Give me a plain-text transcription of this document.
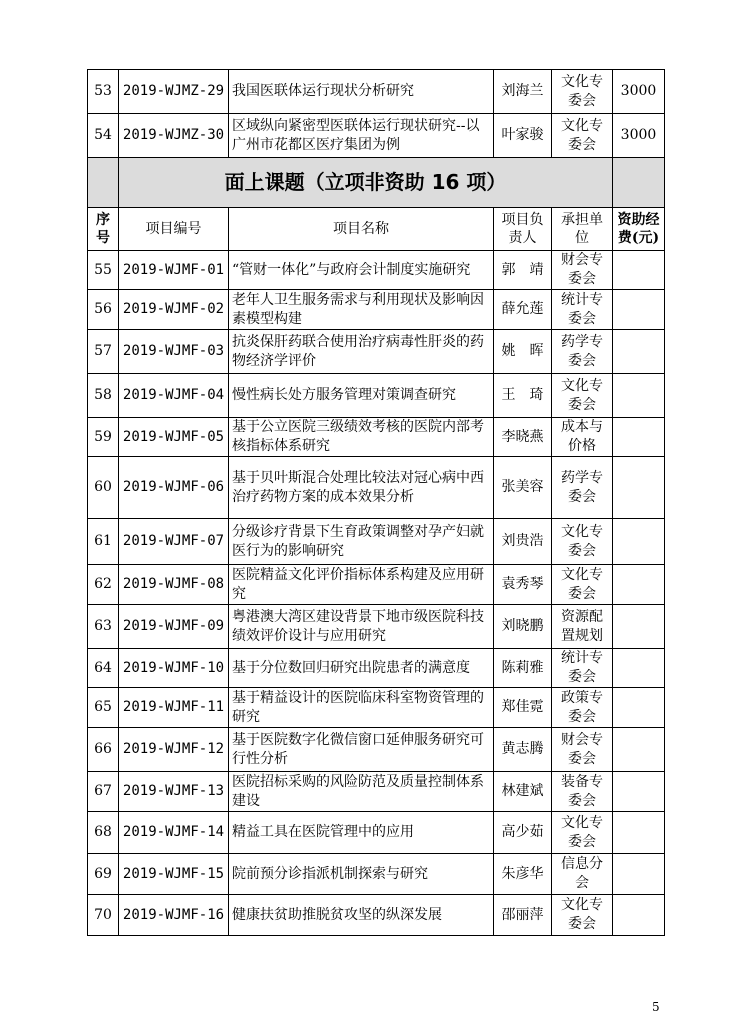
53	2019-WJMZ-29	我国医联体运行现状分析研究	刘海兰	文化专委会	3000
54	2019-WJMZ-30	区域纵向紧密型医联体运行现状研究--以广州市花都区医疗集团为例	叶家骏	文化专委会	3000
	面上课题（立项非资助 16 项）				
序号	项目编号	项目名称	项目负责人	承担单位	资助经费(元)
55	2019-WJMF-01	“管财一体化”与政府会计制度实施研究	郭　靖	财会专委会	
56	2019-WJMF-02	老年人卫生服务需求与利用现状及影响因素模型构建	薛允莲	统计专委会	
57	2019-WJMF-03	抗炎保肝药联合使用治疗病毒性肝炎的药物经济学评价	姚　晖	药学专委会	
58	2019-WJMF-04	慢性病长处方服务管理对策调查研究	王　琦	文化专委会	
59	2019-WJMF-05	基于公立医院三级绩效考核的医院内部考核指标体系研究	李晓燕	成本与价格	
60	2019-WJMF-06	基于贝叶斯混合处理比较法对冠心病中西治疗药物方案的成本效果分析	张美容	药学专委会	
61	2019-WJMF-07	分级诊疗背景下生育政策调整对孕产妇就医行为的影响研究	刘贵浩	文化专委会	
62	2019-WJMF-08	医院精益文化评价指标体系构建及应用研究	袁秀琴	文化专委会	
63	2019-WJMF-09	粤港澳大湾区建设背景下地市级医院科技绩效评价设计与应用研究	刘晓鹏	资源配置规划	
64	2019-WJMF-10	基于分位数回归研究出院患者的满意度	陈莉雅	统计专委会	
65	2019-WJMF-11	基于精益设计的医院临床科室物资管理的研究	郑佳霓	政策专委会	
66	2019-WJMF-12	基于医院数字化微信窗口延伸服务研究可行性分析	黄志腾	财会专委会	
67	2019-WJMF-13	医院招标采购的风险防范及质量控制体系建设	林建斌	装备专委会	
68	2019-WJMF-14	精益工具在医院管理中的应用	高少茹	文化专委会	
69	2019-WJMF-15	院前预分诊指派机制探索与研究	朱彦华	信息分会	
70	2019-WJMF-16	健康扶贫助推脱贫攻坚的纵深发展	邵丽萍	文化专委会	
5
